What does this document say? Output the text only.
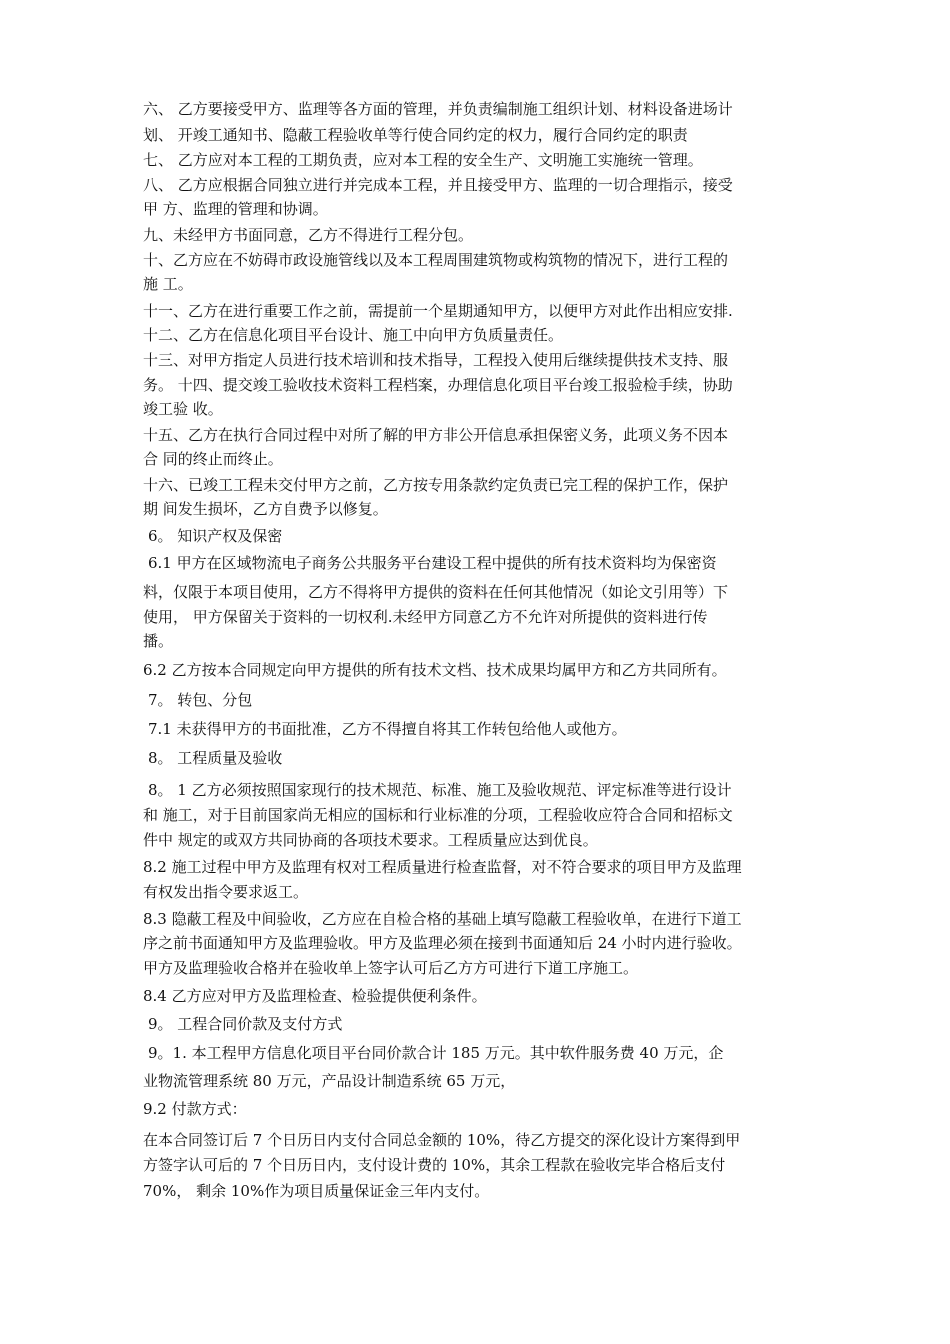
六、 乙方要接受甲方、监理等各方面的管理，并负责编制施工组织计划、材料设备进场计

划、 开竣工通知书、隐蔽工程验收单等行使合同约定的权力，履行合同约定的职责

七、 乙方应对本工程的工期负责，应对本工程的安全生产、文明施工实施统一管理。

八、 乙方应根据合同独立进行并完成本工程，并且接受甲方、监理的一切合理指示，接受

甲 方、监理的管理和协调。

九、未经甲方书面同意，乙方不得进行工程分包。

十、乙方应在不妨碍市政设施管线以及本工程周围建筑物或构筑物的情况下，进行工程的

施 工。

十一、乙方在进行重要工作之前，需提前一个星期通知甲方，以便甲方对此作出相应安排.

十二、乙方在信息化项目平台设计、施工中向甲方负质量责任。

十三、对甲方指定人员进行技术培训和技术指导，工程投入使用后继续提供技术支持、服

务。 十四、提交竣工验收技术资料工程档案，办理信息化项目平台竣工报验检手续，协助

竣工验 收。

十五、乙方在执行合同过程中对所了解的甲方非公开信息承担保密义务，此项义务不因本

合 同的终止而终止。

十六、已竣工工程未交付甲方之前，乙方按专用条款约定负责已完工程的保护工作，保护

期 间发生损坏，乙方自费予以修复。

6。 知识产权及保密

6.1 甲方在区域物流电子商务公共服务平台建设工程中提供的所有技术资料均为保密资

料，仅限于本项目使用，乙方不得将甲方提供的资料在任何其他情况（如论文引用等）下

使用， 甲方保留关于资料的一切权利.未经甲方同意乙方不允许对所提供的资料进行传

播。

6.2 乙方按本合同规定向甲方提供的所有技术文档、技术成果均属甲方和乙方共同所有。

7。 转包、分包

7.1 未获得甲方的书面批准，乙方不得擅自将其工作转包给他人或他方。

8。 工程质量及验收

8。 1 乙方必须按照国家现行的技术规范、标准、施工及验收规范、评定标准等进行设计

和 施工，对于目前国家尚无相应的国标和行业标准的分项，工程验收应符合合同和招标文

件中 规定的或双方共同协商的各项技术要求。工程质量应达到优良。

8.2 施工过程中甲方及监理有权对工程质量进行检查监督，对不符合要求的项目甲方及监理

有权发出指令要求返工。

8.3 隐蔽工程及中间验收，乙方应在自检合格的基础上填写隐蔽工程验收单，在进行下道工

序之前书面通知甲方及监理验收。甲方及监理必须在接到书面通知后 24 小时内进行验收。

甲方及监理验收合格并在验收单上签字认可后乙方方可进行下道工序施工。

8.4 乙方应对甲方及监理检查、检验提供便利条件。

9。 工程合同价款及支付方式

9。1. 本工程甲方信息化项目平台同价款合计 185 万元。其中软件服务费 40 万元，企

业物流管理系统 80 万元，产品设计制造系统 65 万元，

9.2 付款方式：

在本合同签订后 7 个日历日内支付合同总金额的 10%，待乙方提交的深化设计方案得到甲

方签字认可后的 7 个日历日内，支付设计费的 10%，其余工程款在验收完毕合格后支付

70%， 剩余 10%作为项目质量保证金三年内支付。
